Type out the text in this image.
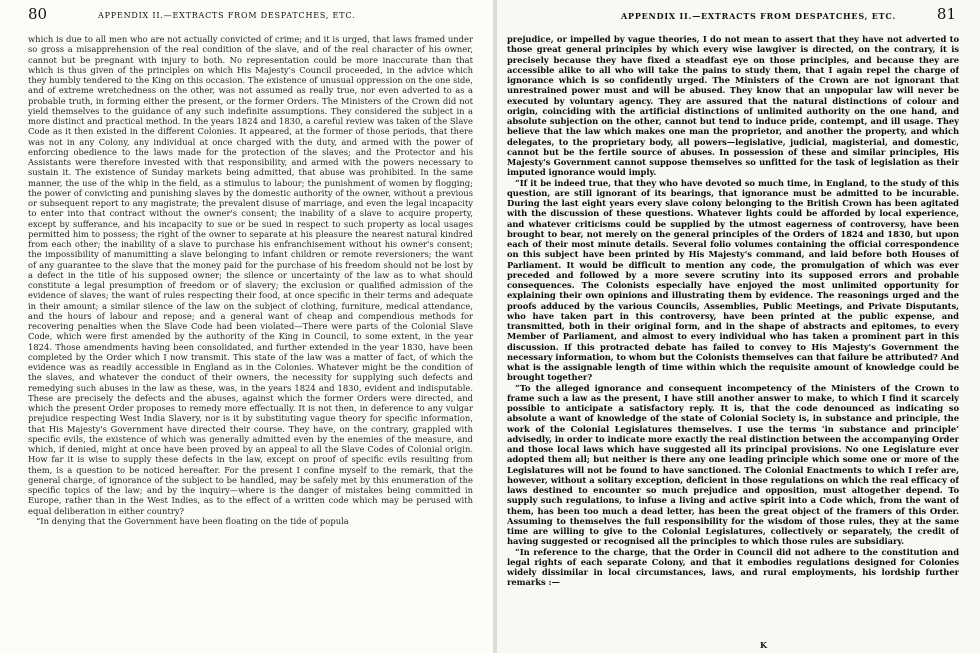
80	APPENDIX II.—EXTRACTS FROM DESPATCHES, ETC.

which is due to all men who are not actually convicted of crime; and it is urged, that laws framed under so gross a misapprehension of the real condition of the slave, and of the real character of his owner, cannot but be pregnant with injury to both. No representation could be more inaccurate than that which is thus given of the principles on which His Majesty's Council proceeded, in the advice which they humbly tendered to the King on this occasion. The existence of unusual oppression on the one side, and of extreme wretchedness on the other, was not assumed as really true, nor even adverted to as a probable truth, in forming either the present, or the former Orders. The Ministers of the Crown did not yield themselves to the guidance of any such indefinite assumptions. They considered the subject in a more distinct and practical method. In the years 1824 and 1830, a careful review was taken of the Slave Code as it then existed in the different Colonies. It appeared, at the former of those periods, that there was not in any Colony, any individual at once charged with the duty, and armed with the power of enforcing obedience to the laws made for the protection of the slaves; and the Protector and his Assistants were therefore invested with that responsibility, and armed with the powers necessary to sustain it. The existence of Sunday markets being admitted, that abuse was prohibited. In the same manner, the use of the whip in the field, as a stimulus to labour; the punishment of women by flogging; the power of convicting and punishing slaves by the domestic authority of the owner, without a previous or subsequent report to any magistrate; the prevalent disuse of marriage, and even the legal incapacity to enter into that contract without the owner's consent; the inability of a slave to acquire property, except by sufferance, and his incapacity to sue or be sued in respect to such property as local usages permitted him to possess; the right of the owner to separate at his pleasure the nearest natural kindred from each other; the inability of a slave to purchase his enfranchisement without his owner's consent; the impossibility of manumitting a slave belonging to infant children or remote reversioners; the want of any guarantee to the slave that the money paid for the purchase of his freedom should not be lost by a defect in the title of his supposed owner; the silence or uncertainty of the law as to what should constitute a legal presumption of freedom or of slavery; the exclusion or qualified admission of the evidence of slaves; the want of rules respecting their food, at once specific in their terms and adequate in their amount; a similar silence of the law on the subject of clothing, furniture, medical attendance, and the hours of labour and repose; and a general want of cheap and compendious methods for recovering penalties when the Slave Code had been violated—There were parts of the Colonial Slave Code, which were first amended by the authority of the King in Council, to some extent, in the year 1824. Those amendments having been consolidated, and further extended in the year 1830, have been completed by the Order which I now transmit. This state of the law was a matter of fact, of which the evidence was as readily accessible in England as in the Colonies. Whatever might be the condition of the slaves, and whatever the conduct of their owners, the necessity for supplying such defects and remedying such abuses in the law as these, was, in the years 1824 and 1830, evident and indisputable. These are precisely the defects and the abuses, against which the former Orders were directed, and which the present Order proposes to remedy more effectually. It is not then, in deference to any vulgar prejudice respecting West India Slavery, nor is it by substituting vague theory for specific information, that His Majesty's Government have directed their course. They have, on the contrary, grappled with specific evils, the existence of which was generally admitted even by the enemies of the measure, and which, if denied, might at once have been proved by an appeal to all the Slave Codes of Colonial origin. How far it is wise to supply these defects in the law, except on proof of specific evils resulting from them, is a question to be noticed hereafter. For the present I confine myself to the remark, that the general charge, of ignorance of the subject to be handled, may be safely met by this enumeration of the specific topics of the law; and by the inquiry—where is the danger of mistakes being committed in Europe, rather than in the West Indies, as to the effect of a written code which may be perused with equal deliberation in either country?

“In denying that the Government have been floating on the tide of popula

APPENDIX II.—EXTRACTS FROM DESPATCHES, ETC.	81

prejudice, or impelled by vague theories, I do not mean to assert that they have not adverted to those great general principles by which every wise lawgiver is directed, on the contrary, it is precisely because they have fixed a steadfast eye on those principles, and because they are accessible alike to all who will take the pains to study them, that I again repel the charge of ignorance which is so confidently urged. The Ministers of the Crown are not ignorant that unrestrained power must and will be abused. They know that an unpopular law will never be executed by voluntary agency. They are assured that the natural distinctions of colour and origin, coinciding with the artificial distinctions of unlimited authority on the one hand, and absolute subjection on the other, cannot but tend to induce pride, contempt, and ill usage. They believe that the law which makes one man the proprietor, and another the property, and which delegates, to the proprietary body, all powers—legislative, judicial, magisterial, and domestic, cannot but be the fertile source of abuses. In possession of these and similar principles, His Majesty's Government cannot suppose themselves so unfitted for the task of legislation as their imputed ignorance would imply.

“If it be indeed true, that they who have devoted so much time, in England, to the study of this question, are still ignorant of its bearings, that ignorance must be admitted to be incurable. During the last eight years every slave colony belonging to the British Crown has been agitated with the discussion of these questions. Whatever lights could be afforded by local experience, and whatever criticisms could be supplied by the utmost eagerness of controversy, have been brought to bear, not merely on the general principles of the Orders of 1824 and 1830, but upon each of their most minute details. Several folio volumes containing the official correspondence on this subject have been printed by His Majesty's command, and laid before both Houses of Parliament. It would be difficult to mention any code, the promulgation of which was ever preceded and followed by a more severe scrutiny into its supposed errors and probable consequences. The Colonists especially have enjoyed the most unlimited opportunity for explaining their own opinions and illustrating them by evidence. The reasonings urged and the proofs adduced by the various Councils, Assemblies, Public Meetings, and Private Disputants, who have taken part in this controversy, have been printed at the public expense, and transmitted, both in their original form, and in the shape of abstracts and epitomes, to every Member of Parliament, and almost to every individual who has taken a prominent part in this discussion. If this protracted debate has failed to convey to His Majesty's Government the necessary information, to whom but the Colonists themselves can that failure be attributed? And what is the assignable length of time within which the requisite amount of knowledge could be brought together?

“To the alleged ignorance and consequent incompetency of the Ministers of the Crown to frame such a law as the present, I have still another answer to make, to which I find it scarcely possible to anticipate a satisfactory reply. It is, that the code denounced as indicating so absolute a want of knowledge of the state of Colonial Society is, in substance and principle, the work of the Colonial Legislatures themselves. I use the terms ‘in substance and principle’ advisedly, in order to indicate more exactly the real distinction between the accompanying Order and those local laws which have suggested all its principal provisions. No one Legislature ever adopted them all; but neither is there any one leading principle which some one or more of the Legislatures will not be found to have sanctioned. The Colonial Enactments to which I refer are, however, without a solitary exception, deficient in those regulations on which the real efficacy of laws destined to encounter so much prejudice and opposition, must altogether depend. To supply such regulations, to infuse a living and active spirit into a Code which, from the want of them, has been too much a dead letter, has been the great object of the framers of this Order. Assuming to themselves the full responsibility for the wisdom of those rules, they at the same time are willing to give to the Colonial Legislatures, collectively or separately, the credit of having suggested or recognised all the principles to which those rules are subsidiary.

“In reference to the charge, that the Order in Council did not adhere to the constitution and legal rights of each separate Colony, and that it embodies regulations designed for Colonies widely dissimilar in local circumstances, laws, and rural employments, his lordship further remarks :—

K
